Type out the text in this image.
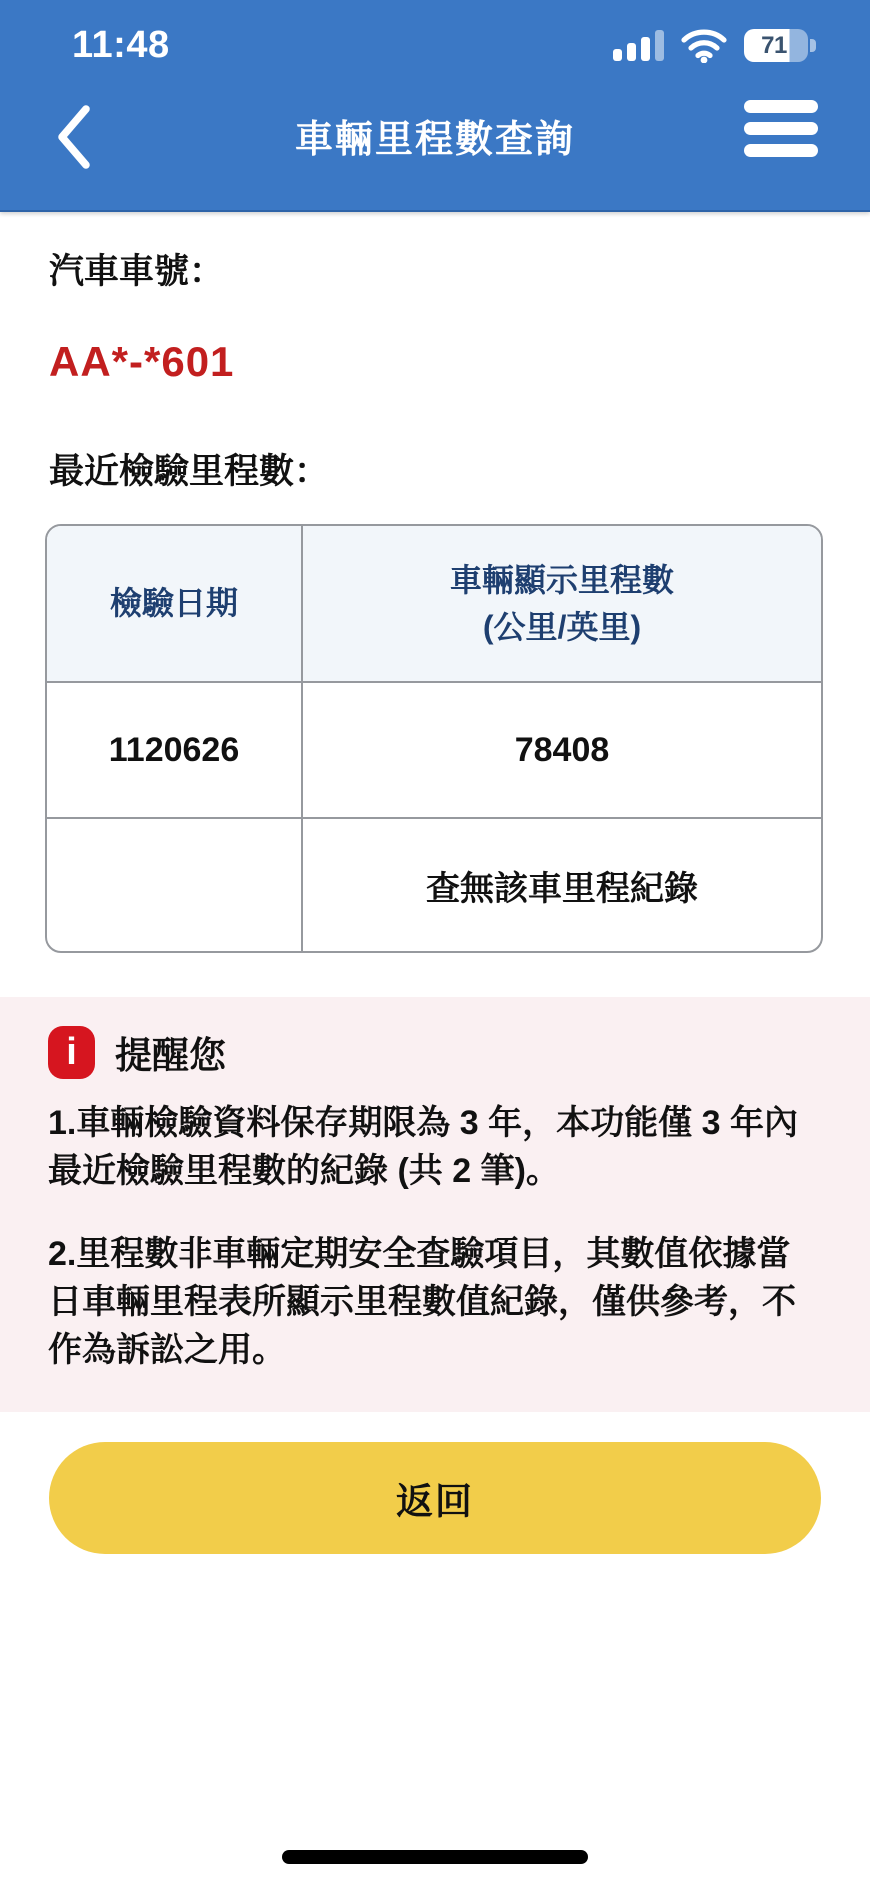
11:48	71
車輛里程數查詢

汽車車號：

AA*-*601

最近檢驗里程數：

檢驗日期
車輛顯示里程數
(公里/英里)
1120626	78408
查無該車里程紀錄
i
提醒您

1.車輛檢驗資料保存期限為 3 年，本功能僅 3 年內最近檢驗里程數的紀錄 (共 2 筆)。

2.里程數非車輛定期安全查驗項目，其數值依據當日車輛里程表所顯示里程數值紀錄，僅供參考，不作為訴訟之用。

返回
